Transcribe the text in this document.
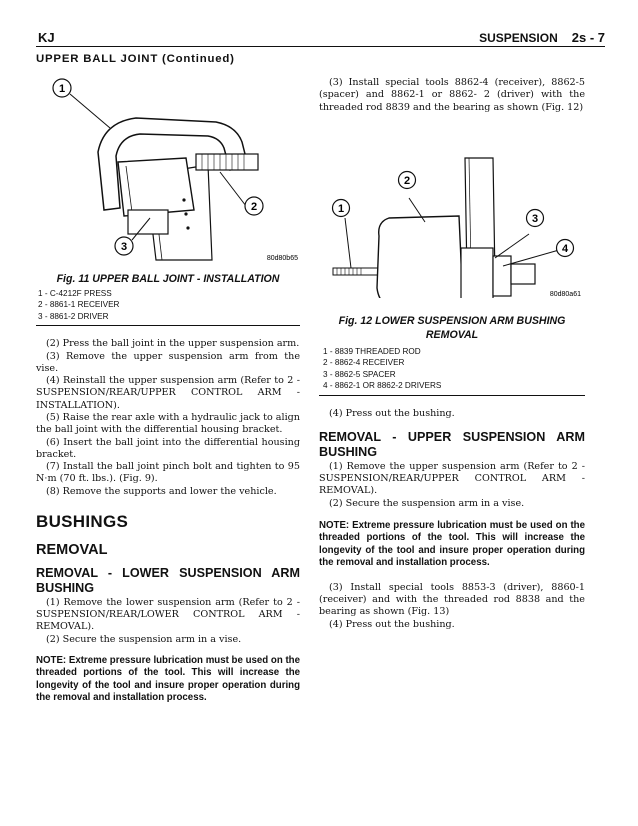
KJ	SUSPENSION 2s - 7
UPPER BALL JOINT (Continued)
1
2
3
80d80b65
Fig. 11 UPPER BALL JOINT - INSTALLATION
1 - C-4212F PRESS
2 - 8861-1 RECEIVER
3 - 8861-2 DRIVER

(2) Press the ball joint in the upper suspension arm.

(3) Remove the upper suspension arm from the vise.

(4) Reinstall the upper suspension arm (Refer to 2 - SUSPENSION/REAR/UPPER CONTROL ARM - INSTALLATION).

(5) Raise the rear axle with a hydraulic jack to align the ball joint with the differential housing bracket.

(6) Insert the ball joint into the differential housing bracket.

(7) Install the ball joint pinch bolt and tighten to 95 N·m (70 ft. lbs.). (Fig. 9).

(8) Remove the supports and lower the vehicle.

BUSHINGS
REMOVAL
REMOVAL - LOWER SUSPENSION ARM BUSHING

(1) Remove the lower suspension arm (Refer to 2 - SUSPENSION/REAR/LOWER CONTROL ARM - REMOVAL).

(2) Secure the suspension arm in a vise.

NOTE: Extreme pressure lubrication must be used on the threaded portions of the tool. This will increase the longevity of the tool and insure proper operation during the removal and installation process.

(3) Install special tools 8862-4 (receiver), 8862-5 (spacer) and 8862-1 or 8862- 2 (driver) with the threaded rod 8839 and the bearing as shown (Fig. 12)

1
2
3
4
80d80a61
Fig. 12 LOWER SUSPENSION ARM BUSHING REMOVAL
1 - 8839 THREADED ROD
2 - 8862-4 RECEIVER
3 - 8862-5 SPACER
4 - 8862-1 OR 8862-2 DRIVERS

(4) Press out the bushing.

REMOVAL - UPPER SUSPENSION ARM BUSHING

(1) Remove the upper suspension arm (Refer to 2 - SUSPENSION/REAR/UPPER CONTROL ARM - REMOVAL).

(2) Secure the suspension arm in a vise.

NOTE: Extreme pressure lubrication must be used on the threaded portions of the tool. This will increase the longevity of the tool and insure proper operation during the removal and installation process.

(3) Install special tools 8853-3 (driver), 8860-1 (receiver) and with the threaded rod 8838 and the bearing as shown (Fig. 13)

(4) Press out the bushing.
